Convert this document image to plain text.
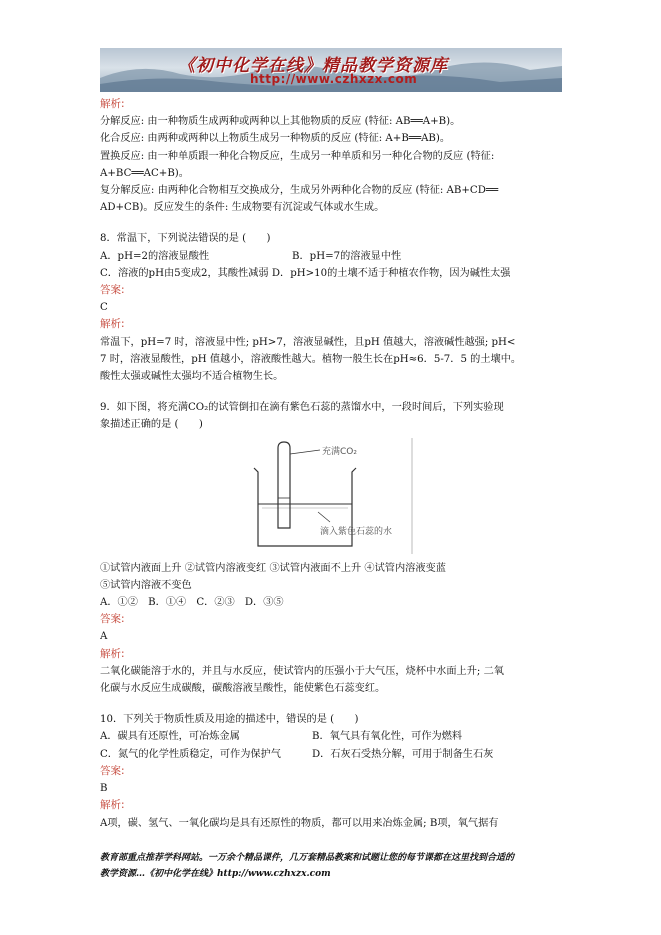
《初中化学在线》精品教学资源库
http://www.czhxzx.com
解析:
分解反应: 由一种物质生成两种或两种以上其他物质的反应 (特征: AB══A+B)。
化合反应: 由两种或两种以上物质生成另一种物质的反应 (特征: A+B══AB)。
置换反应: 由一种单质跟一种化合物反应，生成另一种单质和另一种化合物的反应 (特征:
A+BC══AC+B)。
复分解反应: 由两种化合物相互交换成分，生成另外两种化合物的反应 (特征: AB+CD══
AD+CB)。反应发生的条件: 生成物要有沉淀或气体或水生成。
8．常温下，下列说法错误的是 (　　)
A．pH=2的溶液显酸性	B．pH=7的溶液显中性
C．溶液的pH由5变成2，其酸性减弱 D．pH>10的土壤不适于种植农作物，因为碱性太强
答案:
C
解析:
常温下，pH=7 时，溶液显中性; pH>7，溶液显碱性，且pH 值越大，溶液碱性越强; pH<
7 时，溶液显酸性，pH 值越小，溶液酸性越大。植物一般生长在pH≈6．5-7．5 的土壤中。
酸性太强或碱性太强均不适合植物生长。
9．如下图，将充满CO₂的试管倒扣在滴有紫色石蕊的蒸馏水中，一段时间后，下列实验现
象描述正确的是 (　　)
充满CO₂
滴入紫色石蕊的水
①试管内液面上升 ②试管内溶液变红 ③试管内液面不上升 ④试管内溶液变蓝
⑤试管内溶液不变色
A．①②　B．①④　C．②③　D．③⑤
答案:
A
解析:
二氧化碳能溶于水的，并且与水反应，使试管内的压强小于大气压，烧杯中水面上升; 二氧
化碳与水反应生成碳酸，碳酸溶液呈酸性，能使紫色石蕊变红。
10．下列关于物质性质及用途的描述中，错误的是 (　　)
A．碳具有还原性，可冶炼金属	B．氧气具有氧化性，可作为燃料
C．氮气的化学性质稳定，可作为保护气	D．石灰石受热分解，可用于制备生石灰
答案:
B
解析:
A项，碳、氢气、一氧化碳均是具有还原性的物质，都可以用来冶炼金属; B项，氧气据有
教育部重点推荐学科网站。一万余个精品课件，几万套精品教案和试题让您的每节课都在这里找到合适的
教学资源…《初中化学在线》http://www.czhxzx.com
